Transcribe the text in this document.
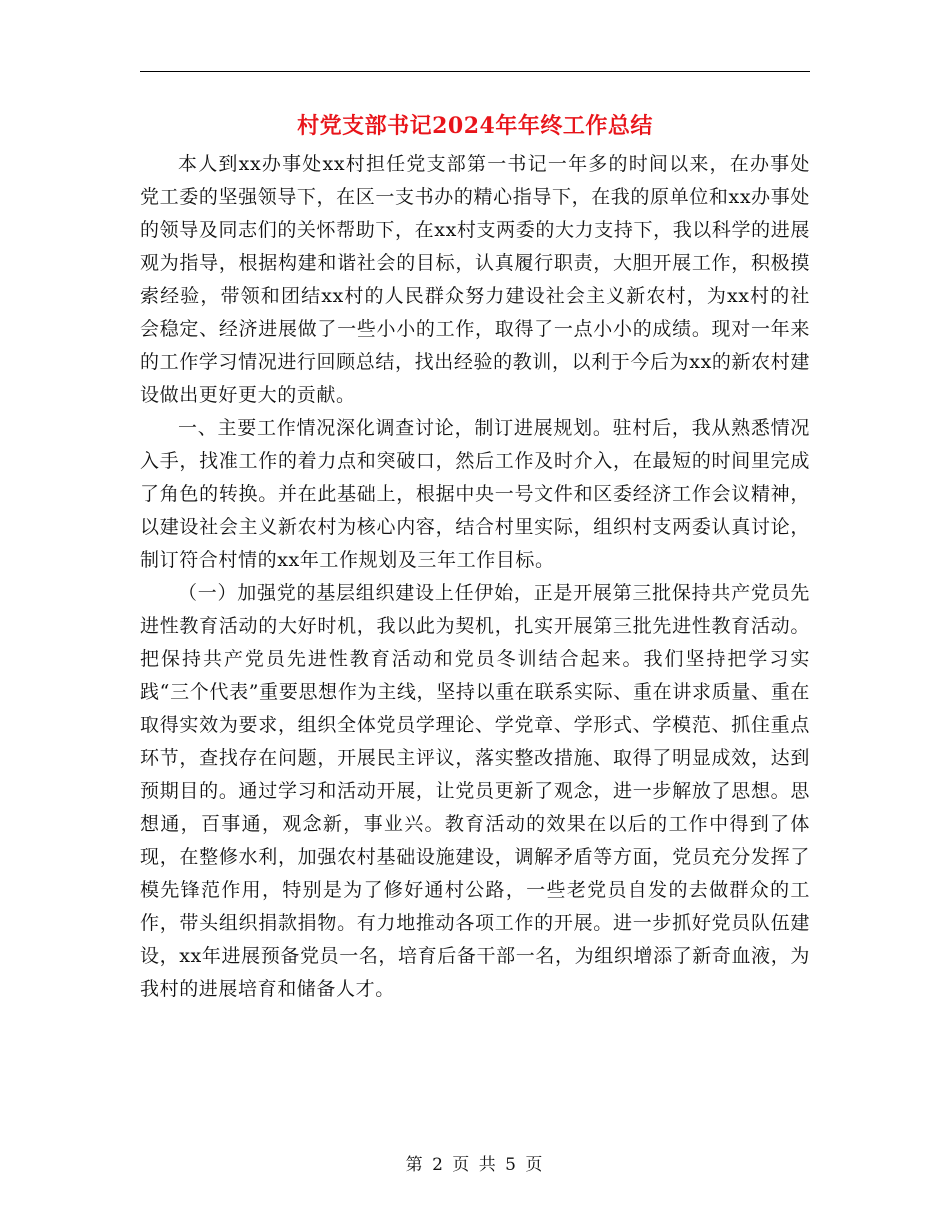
村党支部书记2024年年终工作总结

本人到xx办事处xx村担任党支部第一书记一年多的时间以来，在办事处党工委的坚强领导下，在区一支书办的精心指导下，在我的原单位和xx办事处的领导及同志们的关怀帮助下，在xx村支两委的大力支持下，我以科学的进展观为指导，根据构建和谐社会的目标，认真履行职责，大胆开展工作，积极摸索经验，带领和团结xx村的人民群众努力建设社会主义新农村，为xx村的社会稳定、经济进展做了一些小小的工作，取得了一点小小的成绩。现对一年来的工作学习情况进行回顾总结，找出经验的教训，以利于今后为xx的新农村建设做出更好更大的贡献。

一、主要工作情况深化调查讨论，制订进展规划。驻村后，我从熟悉情况入手，找准工作的着力点和突破口，然后工作及时介入，在最短的时间里完成了角色的转换。并在此基础上，根据中央一号文件和区委经济工作会议精神，以建设社会主义新农村为核心内容，结合村里实际，组织村支两委认真讨论，制订符合村情的xx年工作规划及三年工作目标。

（一）加强党的基层组织建设上任伊始，正是开展第三批保持共产党员先进性教育活动的大好时机，我以此为契机，扎实开展第三批先进性教育活动。把保持共产党员先进性教育活动和党员冬训结合起来。我们坚持把学习实践“三个代表”重要思想作为主线，坚持以重在联系实际、重在讲求质量、重在取得实效为要求，组织全体党员学理论、学党章、学形式、学模范、抓住重点环节，查找存在问题，开展民主评议，落实整改措施、取得了明显成效，达到预期目的。通过学习和活动开展，让党员更新了观念，进一步解放了思想。思想通，百事通，观念新，事业兴。教育活动的效果在以后的工作中得到了体现，在整修水利，加强农村基础设施建设，调解矛盾等方面，党员充分发挥了模先锋范作用，特别是为了修好通村公路，一些老党员自发的去做群众的工作，带头组织捐款捐物。有力地推动各项工作的开展。进一步抓好党员队伍建设，xx年进展预备党员一名，培育后备干部一名，为组织增添了新奇血液，为我村的进展培育和储备人才。

第 2 页 共 5 页
